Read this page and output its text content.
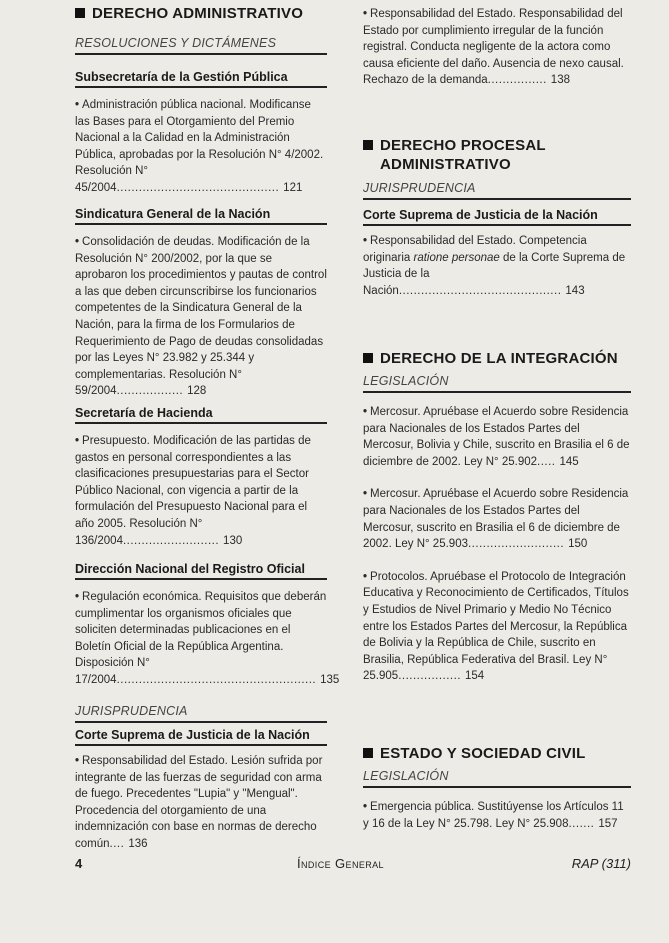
DERECHO ADMINISTRATIVO
RESOLUCIONES Y DICTÁMENES
Subsecretaría de la Gestión Pública
• Administración pública nacional. Modificanse las Bases para el Otorgamiento del Premio Nacional a la Calidad en la Administración Pública, aprobadas por la Resolución N° 4/2002. Resolución N° 45/2004............................................ 121
Sindicatura General de la Nación
• Consolidación de deudas. Modificación de la Resolución N° 200/2002, por la que se aprobaron los procedimientos y pautas de control a las que deben circunscribirse los funcionarios competentes de la Sindicatura General de la Nación, para la firma de los Formularios de Requerimiento de Pago de deudas consolidadas por las Leyes N° 23.982 y 25.344 y complementarias. Resolución N° 59/2004.................. 128
Secretaría de Hacienda
• Presupuesto. Modificación de las partidas de gastos en personal correspondientes a las clasificaciones presupuestarias para el Sector Público Nacional, con vigencia a partir de la formulación del Presupuesto Nacional para el año 2005. Resolución N° 136/2004.......................... 130
Dirección Nacional del Registro Oficial
• Regulación económica. Requisitos que deberán cumplimentar los organismos oficiales que soliciten determinadas publicaciones en el Boletín Oficial de la República Argentina. Disposición N° 17/2004...................................................... 135
JURISPRUDENCIA
Corte Suprema de Justicia de la Nación
• Responsabilidad del Estado. Lesión sufrida por integrante de las fuerzas de seguridad con arma de fuego. Precedentes "Lupia" y "Mengual". Procedencia del otorgamiento de una indemnización con base en normas de derecho común.... 136
• Responsabilidad del Estado. Responsabilidad del Estado por cumplimiento irregular de la función registral. Conducta negligente de la actora como causa eficiente del daño. Ausencia de nexo causal. Rechazo de la demanda................ 138
DERECHO PROCESAL
ADMINISTRATIVO
JURISPRUDENCIA
Corte Suprema de Justicia de la Nación
• Responsabilidad del Estado. Competencia originaria ratione personae de la Corte Suprema de Justicia de la Nación............................................ 143
DERECHO DE LA INTEGRACIÓN
LEGISLACIÓN
• Mercosur. Apruébase el Acuerdo sobre Residencia para Nacionales de los Estados Partes del Mercosur, Bolivia y Chile, suscrito en Brasilia el 6 de diciembre de 2002. Ley N° 25.902..... 145
• Mercosur. Apruébase el Acuerdo sobre Residencia para Nacionales de los Estados Partes del Mercosur, suscrito en Brasilia el 6 de diciembre de 2002. Ley N° 25.903.......................... 150
• Protocolos. Apruébase el Protocolo de Integración Educativa y Reconocimiento de Certificados, Títulos y Estudios de Nivel Primario y Medio No Técnico entre los Estados Partes del Mercosur, la República de Bolivia y la República de Chile, suscrito en Brasilia, República Federativa del Brasil. Ley N° 25.905................. 154
ESTADO Y SOCIEDAD CIVIL
LEGISLACIÓN
• Emergencia pública. Sustitúyense los Artículos 11 y 16 de la Ley N° 25.798. Ley N° 25.908....... 157
4	Índice General	RAP (311)
